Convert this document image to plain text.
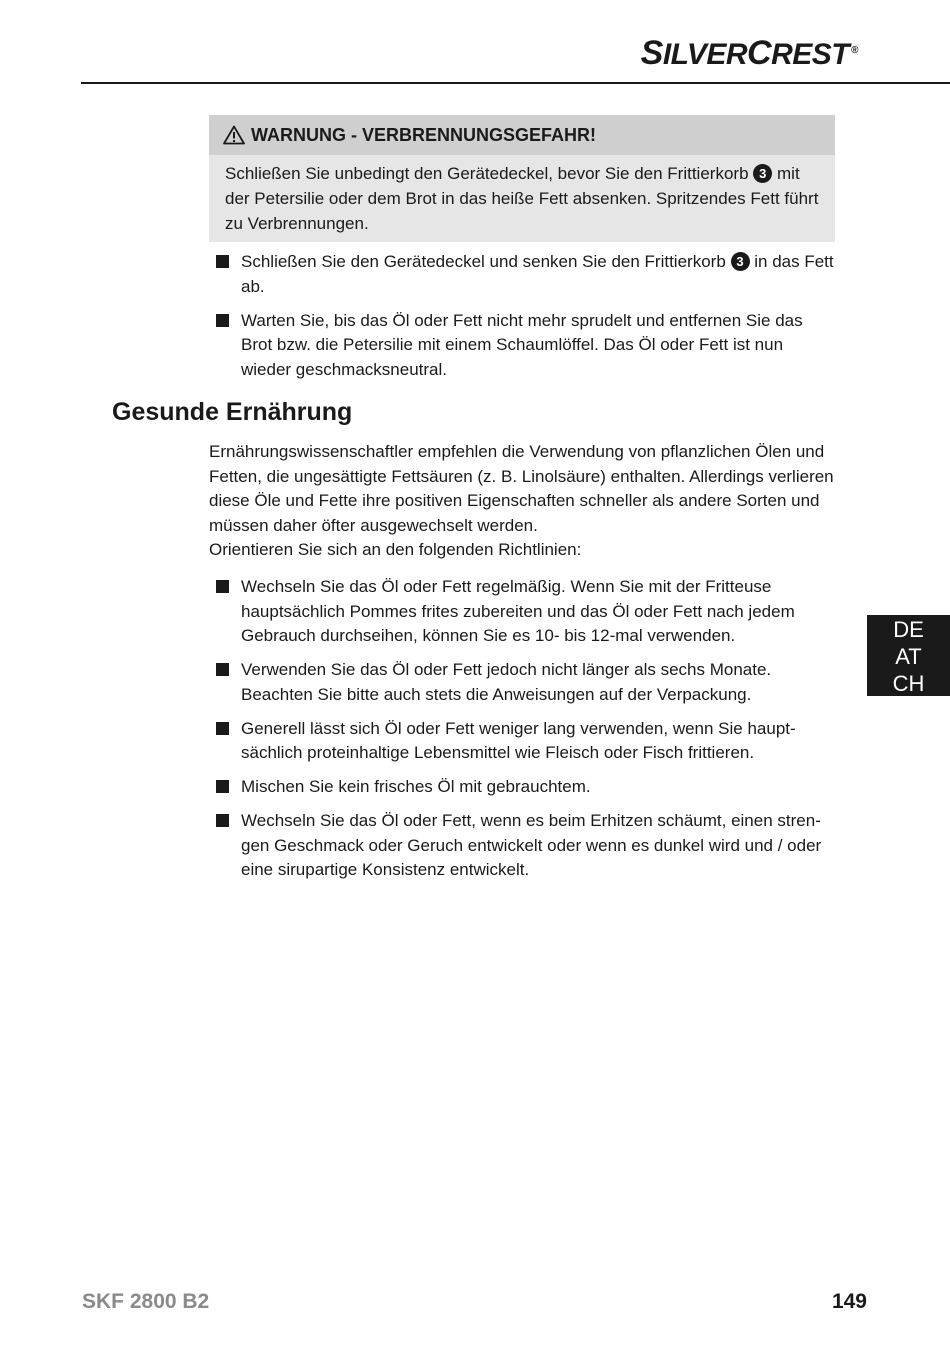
SILVERCREST ®
WARNUNG - VERBRENNUNGSGEFAHR!
Schließen Sie unbedingt den Gerätedeckel, bevor Sie den Frittierkorb 3 mit der Petersilie oder dem Brot in das heiße Fett absenken. Spritzendes Fett führt zu Verbrennungen.
Schließen Sie den Gerätedeckel und senken Sie den Frittierkorb 3 in das Fett ab.
Warten Sie, bis das Öl oder Fett nicht mehr sprudelt und entfernen Sie das Brot bzw. die Petersilie mit einem Schaumlöffel. Das Öl oder Fett ist nun wieder geschmacksneutral.
Gesunde Ernährung
Ernährungswissenschaftler empfehlen die Verwendung von pflanzlichen Ölen und Fetten, die ungesättigte Fettsäuren (z. B. Linolsäure) enthalten. Allerdings verlieren diese Öle und Fette ihre positiven Eigenschaften schneller als andere Sorten und müssen daher öfter ausgewechselt werden.
Orientieren Sie sich an den folgenden Richtlinien:
Wechseln Sie das Öl oder Fett regelmäßig. Wenn Sie mit der Fritteuse hauptsächlich Pommes frites zubereiten und das Öl oder Fett nach jedem Gebrauch durchseihen, können Sie es 10- bis 12-mal verwenden.
Verwenden Sie das Öl oder Fett jedoch nicht länger als sechs Monate. Beachten Sie bitte auch stets die Anweisungen auf der Verpackung.
Generell lässt sich Öl oder Fett weniger lang verwenden, wenn Sie haupt-sächlich proteinhaltige Lebensmittel wie Fleisch oder Fisch frittieren.
Mischen Sie kein frisches Öl mit gebrauchtem.
Wechseln Sie das Öl oder Fett, wenn es beim Erhitzen schäumt, einen stren-gen Geschmack oder Geruch entwickelt oder wenn es dunkel wird und / oder eine sirupartige Konsistenz entwickelt.
DE
AT
CH
SKF 2800 B2	149
